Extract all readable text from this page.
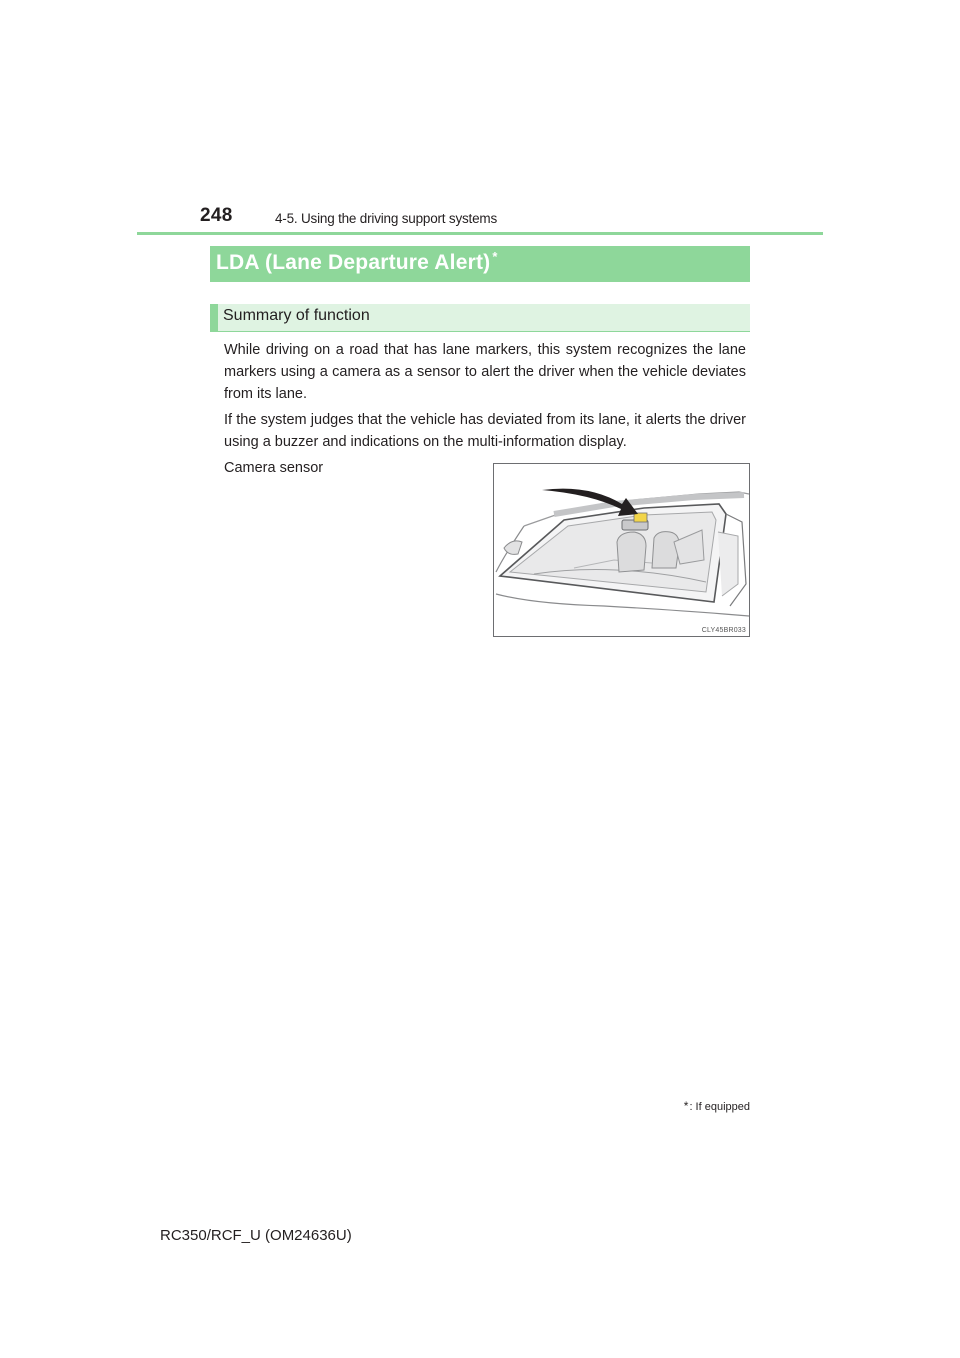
248	4-5. Using the driving support systems
LDA (Lane Departure Alert) *
Summary of function

While driving on a road that has lane markers, this system recognizes the lane markers using a camera as a sensor to alert the driver when the vehicle deviates from its lane.

If the system judges that the vehicle has deviated from its lane, it alerts the driver using a buzzer and indications on the multi-information display.

Camera sensor
CLY45BR033
*: If equipped
RC350/RCF_U (OM24636U)
